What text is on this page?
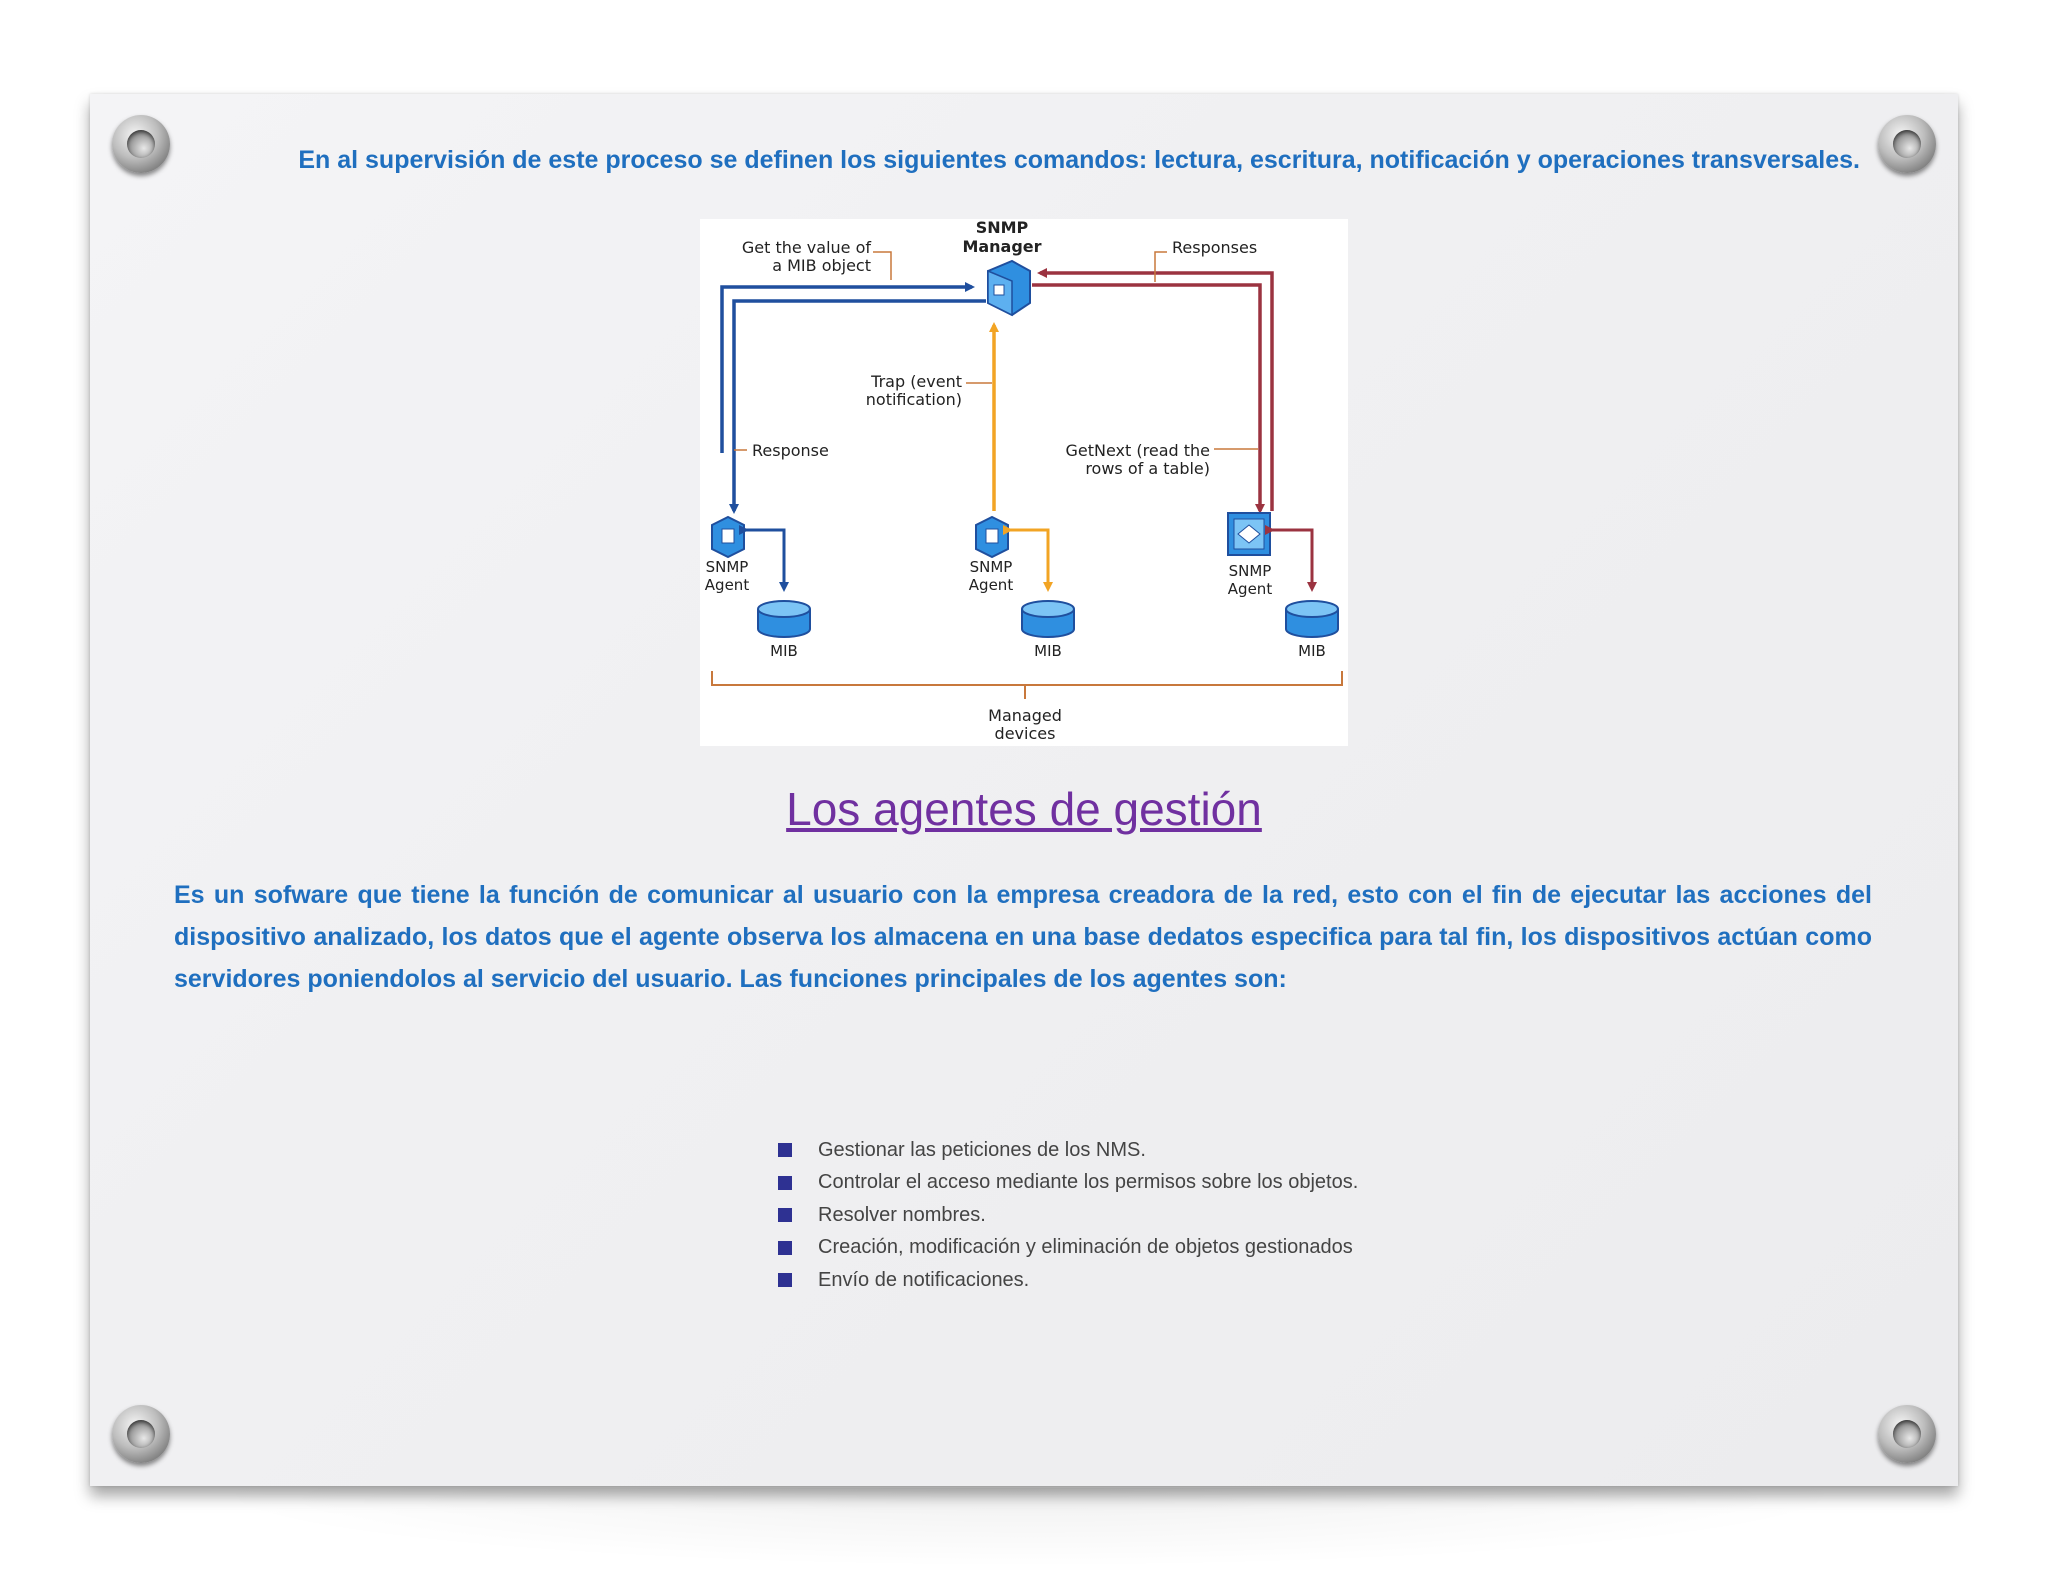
En al supervisión de este proceso se definen los siguientes comandos: lectura, escritura, notificación y operaciones transversales.

SNMP
Manager
Get the value of
a MIB object
Response
Responses
GetNext (read the
rows of a table)
Trap (event
notification)
SNMP
Agent
MIB
SNMP
Agent
MIB
SNMP
Agent
MIB
Managed
devices
Los agentes de gestión

Es un sofware que tiene la función de comunicar al usuario con la empresa creadora de la red, esto con el fin de ejecutar las acciones del dispositivo analizado, los datos que el agente observa los almacena en una base dedatos especifica para tal fin, los dispositivos actúan como servidores poniendolos al servicio del usuario. Las funciones principales de los agentes son:

Gestionar las peticiones de los NMS.
Controlar el acceso mediante los permisos sobre los objetos.
Resolver nombres.
Creación, modificación y eliminación de objetos gestionados
Envío de notificaciones.
